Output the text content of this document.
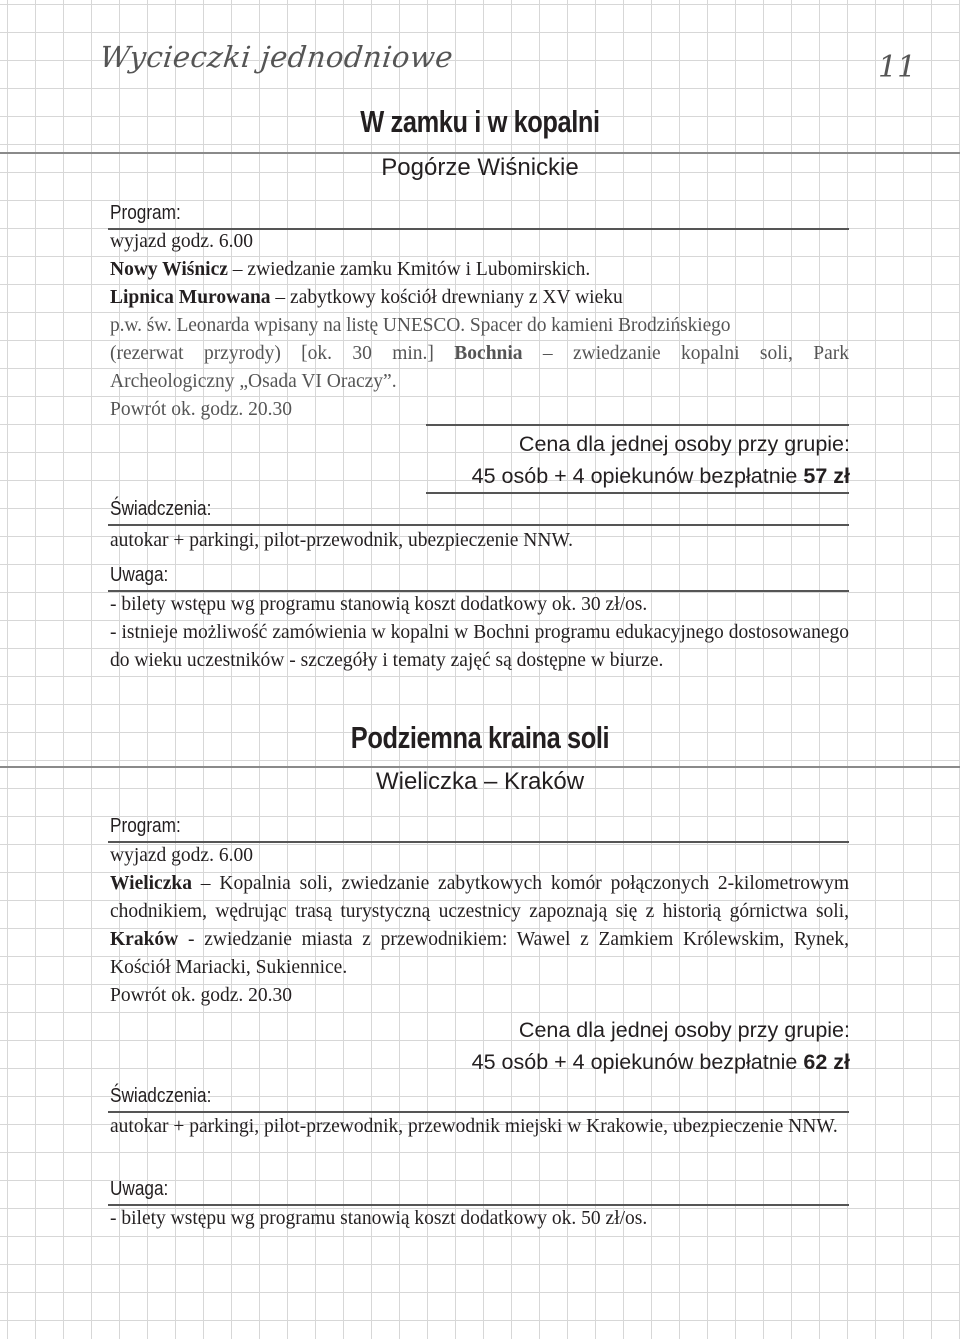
Wycieczki jednodniowe	11
W zamku i w kopalni
Pogórze Wiśnickie
Program:
wyjazd godz. 6.00
Nowy Wiśnicz – zwiedzanie zamku Kmitów i Lubomirskich.
Lipnica Murowana – zabytkowy kościół drewniany z XV wieku
p.w. św. Leonarda wpisany na listę UNESCO. Spacer do kamieni Brodzińskiego
(rezerwat przyrody) [ok. 30 min.] Bochnia – zwiedzanie kopalni soli, Park
Archeologiczny „Osada VI Oraczy”.
Powrót ok. godz. 20.30
Cena dla jednej osoby przy grupie:
45 osób + 4 opiekunów bezpłatnie 57 zł
Świadczenia:
autokar + parkingi, pilot-przewodnik, ubezpieczenie NNW.
Uwaga:
- bilety wstępu wg programu stanowią koszt dodatkowy ok. 30 zł/os.
- istnieje możliwość zamówienia w kopalni w Bochni programu edukacyjnego dostosowanego do wieku uczestników - szczegóły i tematy zajęć są dostępne w biurze.
Podziemna kraina soli
Wieliczka – Kraków
Program:
wyjazd godz. 6.00
Wieliczka – Kopalnia soli, zwiedzanie zabytkowych komór połączonych 2-kilometrowym chodnikiem, wędrując trasą turystyczną uczestnicy zapoznają się z historią górnictwa soli, Kraków - zwiedzanie miasta z przewodnikiem: Wawel z Zamkiem Królewskim, Rynek, Kościół Mariacki, Sukiennice.
Powrót ok. godz. 20.30
Cena dla jednej osoby przy grupie:
45 osób + 4 opiekunów bezpłatnie 62 zł
Świadczenia:
autokar + parkingi, pilot-przewodnik, przewodnik miejski w Krakowie, ubezpieczenie NNW.
Uwaga:
- bilety wstępu wg programu stanowią koszt dodatkowy ok. 50 zł/os.
